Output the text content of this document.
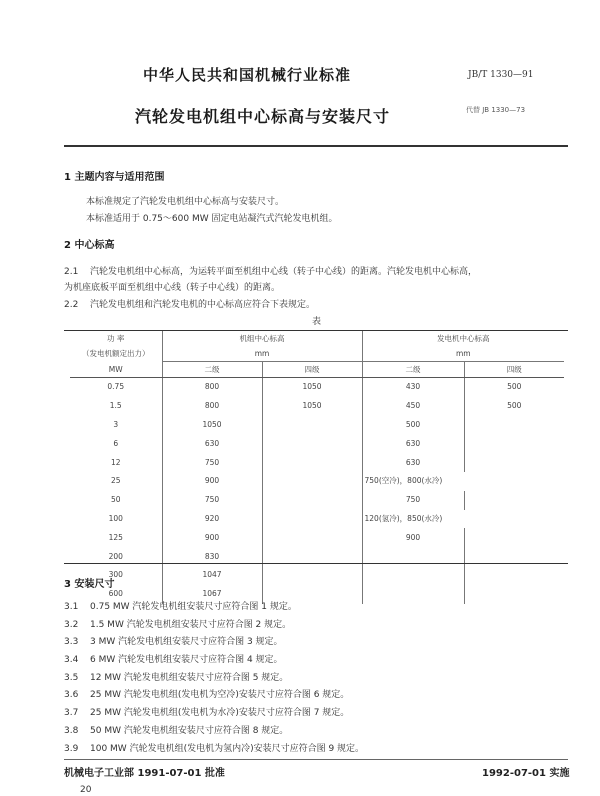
中华人民共和国机械行业标准	JB/T 1330—91
汽轮发电机组中心标高与安装尺寸	代替 JB 1330—73
1 主题内容与适用范围
本标准规定了汽轮发电机组中心标高与安装尺寸。
本标准适用于 0.75～600 MW 固定电站凝汽式汽轮发电机组。
2 中心标高
2.1 汽轮发电机组中心标高，为运转平面至机组中心线（转子中心线）的距离。汽轮发电机中心标高，
为机座底板平面至机组中心线（转子中心线）的距离。
2.2 汽轮发电机组和汽轮发电机的中心标高应符合下表规定。
表
功 率	机组中心标高		发电机中心标高	
（发电机额定出力）	mm		mm	
MW	二级	四级	二级	四级
0.75	800	1050	430	500
1.5	800	1050	450	500
3	1050		500	
6	630		630	
12	750		630	
25	900		750(空冷)，800(水冷)	
50	750		750	
100	920		120(氢冷)，850(水冷)	
125	900		900	
200	830			
300	1047			
600	1067			
3 安装尺寸
3.1 0.75 MW 汽轮发电机组安装尺寸应符合图 1 规定。
3.2 1.5 MW 汽轮发电机组安装尺寸应符合图 2 规定。
3.3 3 MW 汽轮发电机组安装尺寸应符合图 3 规定。
3.4 6 MW 汽轮发电机组安装尺寸应符合图 4 规定。
3.5 12 MW 汽轮发电机组安装尺寸应符合图 5 规定。
3.6 25 MW 汽轮发电机组(发电机为空冷)安装尺寸应符合图 6 规定。
3.7 25 MW 汽轮发电机组(发电机为水冷)安装尺寸应符合图 7 规定。
3.8 50 MW 汽轮发电机组安装尺寸应符合图 8 规定。
3.9 100 MW 汽轮发电机组(发电机为氢内冷)安装尺寸应符合图 9 规定。
机械电子工业部 1991-07-01 批准	1992-07-01 实施
20
